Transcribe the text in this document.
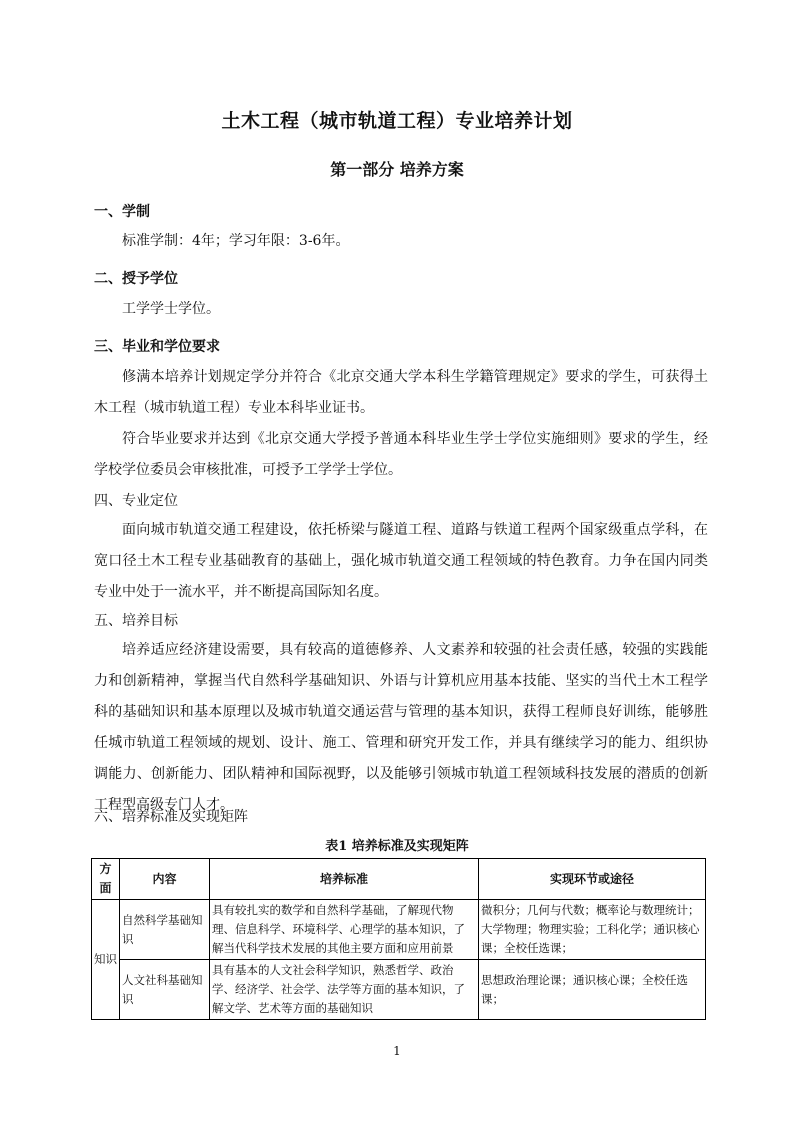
土木工程（城市轨道工程）专业培养计划
第一部分 培养方案
一、学制
标准学制：4年；学习年限：3-6年。
二、授予学位
工学学士学位。
三、毕业和学位要求
修满本培养计划规定学分并符合《北京交通大学本科生学籍管理规定》要求的学生，可获得土木工程（城市轨道工程）专业本科毕业证书。
符合毕业要求并达到《北京交通大学授予普通本科毕业生学士学位实施细则》要求的学生，经学校学位委员会审核批准，可授予工学学士学位。
四、专业定位
面向城市轨道交通工程建设，依托桥梁与隧道工程、道路与铁道工程两个国家级重点学科，在宽口径土木工程专业基础教育的基础上，强化城市轨道交通工程领域的特色教育。力争在国内同类专业中处于一流水平，并不断提高国际知名度。
五、培养目标
培养适应经济建设需要，具有较高的道德修养、人文素养和较强的社会责任感，较强的实践能力和创新精神，掌握当代自然科学基础知识、外语与计算机应用基本技能、坚实的当代土木工程学科的基础知识和基本原理以及城市轨道交通运营与管理的基本知识，获得工程师良好训练，能够胜任城市轨道工程领域的规划、设计、施工、管理和研究开发工作，并具有继续学习的能力、组织协调能力、创新能力、团队精神和国际视野，以及能够引领城市轨道工程领域科技发展的潜质的创新工程型高级专门人才。
六、培养标准及实现矩阵
表1 培养标准及实现矩阵
方面	内容	培养标准	实现环节或途径
知识	自然科学基础知识	具有较扎实的数学和自然科学基础，了解现代物理、信息科学、环境科学、心理学的基本知识，了解当代科学技术发展的其他主要方面和应用前景	微积分；几何与代数；概率论与数理统计；大学物理；物理实验；工科化学；通识核心课；全校任选课；
	人文社科基础知识	具有基本的人文社会科学知识，熟悉哲学、政治学、经济学、社会学、法学等方面的基本知识，了解文学、艺术等方面的基础知识	思想政治理论课；通识核心课；全校任选课；
1
